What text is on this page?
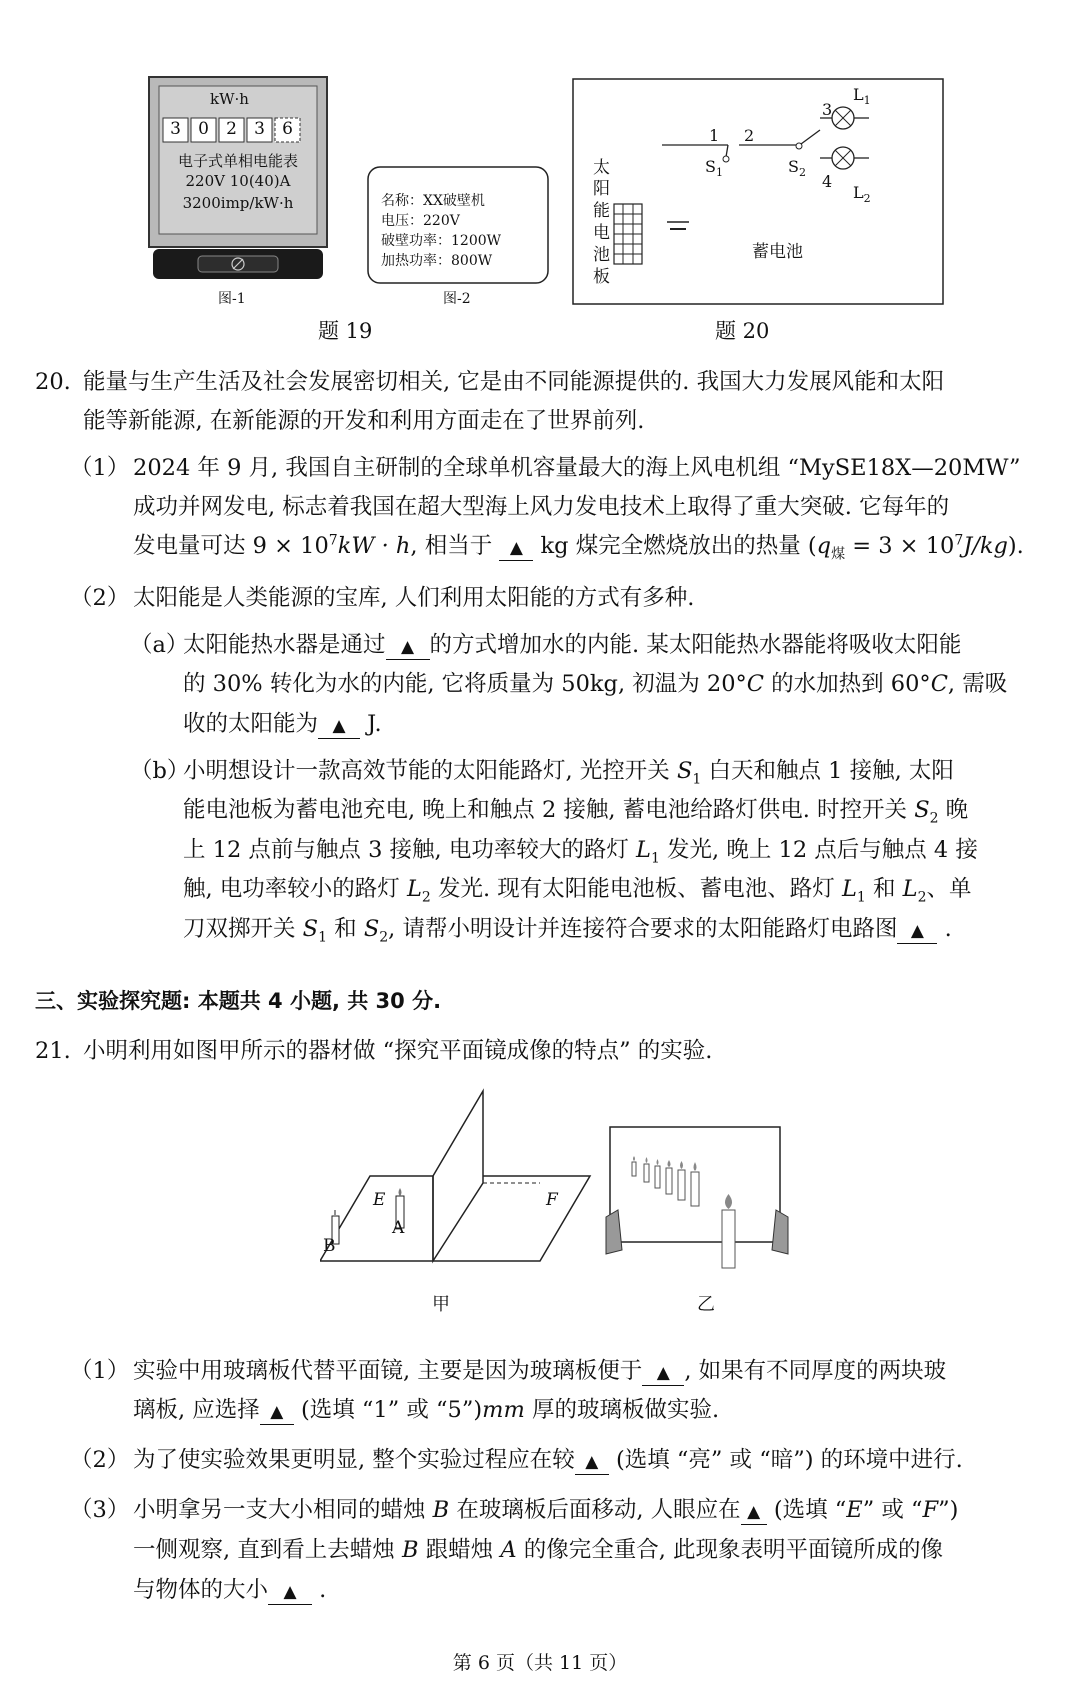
kW·h
3	0	2	3	6
电子式单相电能表
220V 10(40)A
3200imp/kW·h
图-1
名称：XX破壁机
电压：220V
破壁功率：1200W
加热功率：800W
图-2
题 19
太
阳
能
电
池
板
蓄电池
1 2
3
4
$S_1$	$S_2$
$L_1$
$L_2$
题 20
20. 能量与生产生活及社会发展密切相关, 它是由不同能源提供的. 我国大力发展风能和太阳
能等新能源, 在新能源的开发和利用方面走在了世界前列.
（1） 2024 年 9 月, 我国自主研制的全球单机容量最大的海上风电机组 “MySE18X—20MW”
成功并网发电, 标志着我国在超大型海上风力发电技术上取得了重大突破. 它每年的
发电量可达 $9 \times 10^7kW \cdot h$, 相当于 ▲ kg 煤完全燃烧放出的热量 $(q_煤 = 3 \times 10^7J/kg)$.
（2） 太阳能是人类能源的宝库, 人们利用太阳能的方式有多种.
（a）
太阳能热水器是通过 ▲ 的方式增加水的内能. 某太阳能热水器能将吸收太阳能
的 30% 转化为水的内能, 它将质量为 50kg, 初温为 20°C 的水加热到 60°C, 需吸
收的太阳能为 ▲ J.
（b）
小明想设计一款高效节能的太阳能路灯, 光控开关 $S_1$ 白天和触点 1 接触, 太阳
能电池板为蓄电池充电, 晚上和触点 2 接触, 蓄电池给路灯供电. 时控开关 $S_2$ 晚
上 12 点前与触点 3 接触, 电功率较大的路灯 $L_1$ 发光, 晚上 12 点后与触点 4 接
触, 电功率较小的路灯 $L_2$ 发光. 现有太阳能电池板、蓄电池、路灯 $L_1$ 和 $L_2$、单
刀双掷开关 $S_1$ 和 $S_2$, 请帮小明设计并连接符合要求的太阳能路灯电路图 ▲ .
三、实验探究题: 本题共 4 小题, 共 30 分.
21. 小明利用如图甲所示的器材做 “探究平面镜成像的特点” 的实验.
E	F
A
B
甲	乙
（1） 实验中用玻璃板代替平面镜, 主要是因为玻璃板便于 ▲ , 如果有不同厚度的两块玻
璃板, 应选择 ▲ (选填 “1” 或 “5”)mm 厚的玻璃板做实验.
（2） 为了使实验效果更明显, 整个实验过程应在较 ▲ (选填 “亮” 或 “暗”) 的环境中进行.
（3） 小明拿另一支大小相同的蜡烛 B 在玻璃板后面移动, 人眼应在 ▲ (选填 “E” 或 “F”)
一侧观察, 直到看上去蜡烛 B 跟蜡烛 A 的像完全重合, 此现象表明平面镜所成的像
与物体的大小 ▲ .
第 6 页（共 11 页）
